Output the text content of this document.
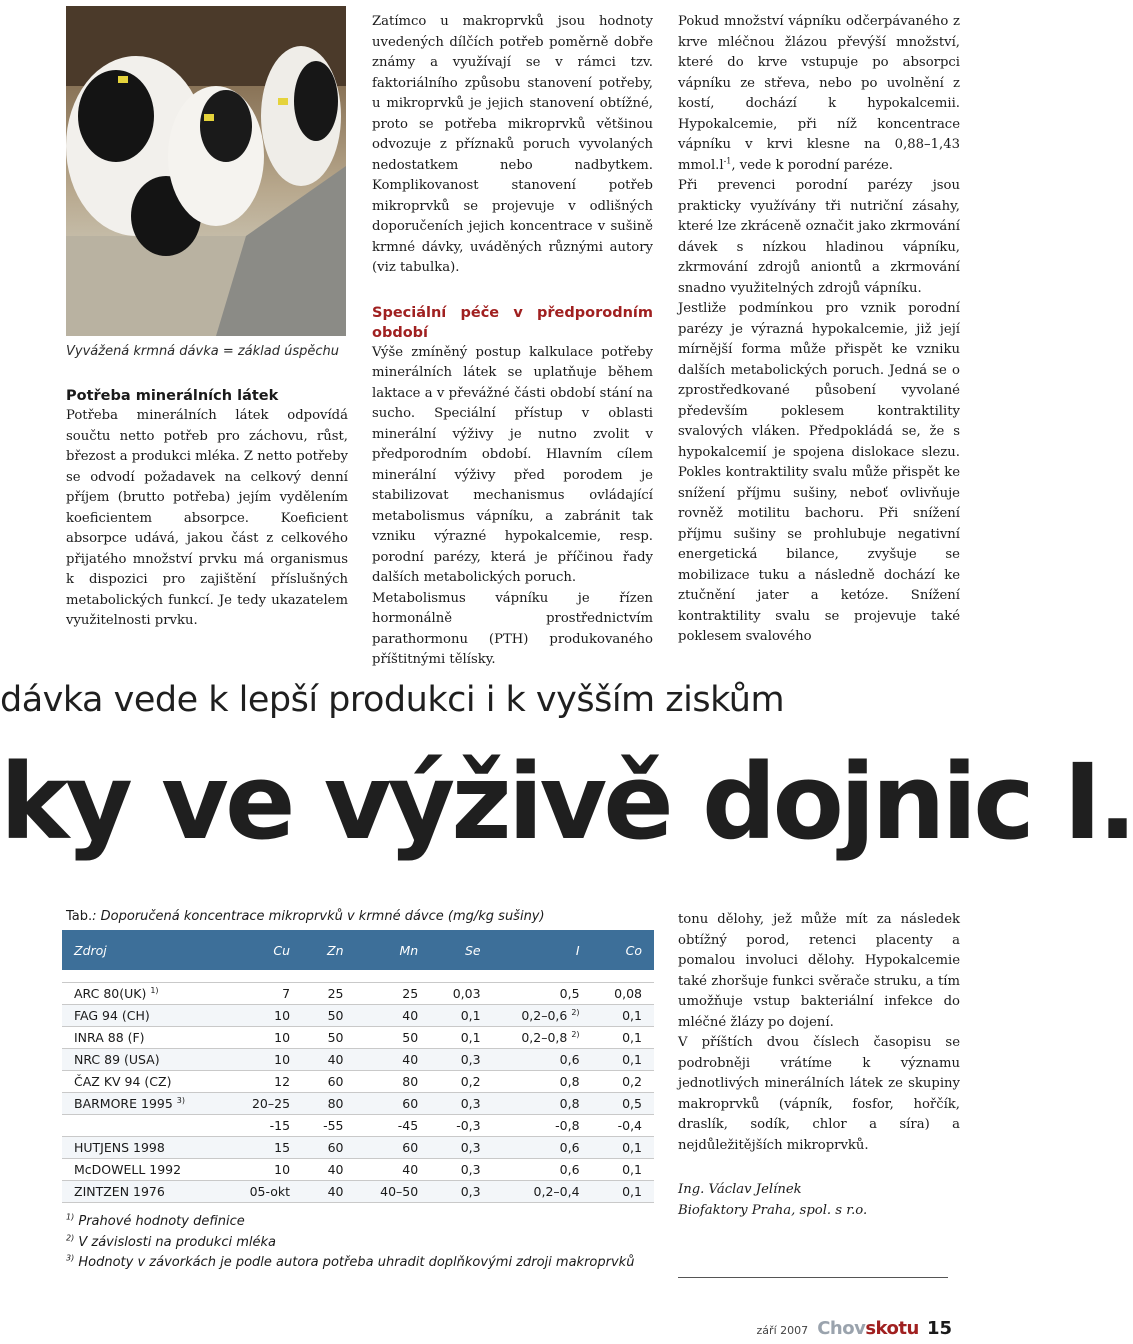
Vyvážená krmná dávka = základ úspěchu
Potřeba minerálních látek

Potřeba minerálních látek odpovídá součtu netto potřeb pro záchovu, růst, březost a produkci mléka. Z netto potřeby se odvodí požadavek na celkový denní příjem (brutto potřeba) jejím vydělením koeficientem absorpce. Koeficient absorpce udává, jakou část z celkového přijatého množství prvku má organismus k dispozici pro zajištění příslušných metabolických funkcí. Je tedy ukazatelem využitelnosti prvku.

Zatímco u makroprvků jsou hodnoty uvedených dílčích potřeb poměrně dobře známy a využívají se v rámci tzv. faktoriálního způsobu stanovení potřeby, u mikroprvků je jejich stanovení obtížné, proto se potřeba mikroprvků většinou odvozuje z příznaků poruch vyvolaných nedostatkem nebo nadbytkem. Komplikovanost stanovení potřeb mikroprvků se projevuje v odlišných doporučeních jejich koncentrace v sušině krmné dávky, uváděných různými autory (viz tabulka).

Speciální péče v předporodním období

Výše zmíněný postup kalkulace potřeby minerálních látek se uplatňuje během laktace a v převážné části období stání na sucho. Speciální přístup v oblasti minerální výživy je nutno zvolit v předporodním období. Hlavním cílem minerální výživy před porodem je stabilizovat mechanismus ovládající metabolismus vápníku, a zabránit tak vzniku výrazné hypokalcemie, resp. porodní parézy, která je příčinou řady dalších metabolických poruch.

Metabolismus vápníku je řízen hormonálně prostřednictvím parathormonu (PTH) produkovaného příštitnými tělísky.

Pokud množství vápníku odčerpávaného z krve mléčnou žlázou převýší množství, které do krve vstupuje po absorpci vápníku ze střeva, nebo po uvolnění z kostí, dochází k hypokalcemii. Hypokalcemie, při níž koncentrace vápníku v krvi klesne na 0,88–1,43 $mmol.l^{-1}$, vede k porodní paréze.

Při prevenci porodní parézy jsou prakticky využívány tři nutriční zásahy, které lze zkráceně označit jako zkrmování dávek s nízkou hladinou vápníku, zkrmování zdrojů aniontů a zkrmování snadno využitelných zdrojů vápníku.

Jestliže podmínkou pro vznik porodní parézy je výrazná hypokalcemie, již její mírnější forma může přispět ke vzniku dalších metabolických poruch. Jedná se o zprostředkované působení vyvolané především poklesem kontraktility svalových vláken. Předpokládá se, že s hypokalcemií je spojena dislokace slezu. Pokles kontraktility svalu může přispět ke snížení příjmu sušiny, neboť ovlivňuje rovněž motilitu bachoru. Při snížení příjmu sušiny se prohlubuje negativní energetická bilance, zvyšuje se mobilizace tuku a následně dochází ke ztučnění jater a ketóze. Snížení kontraktility svalu se projevuje také poklesem svalového

dávka vede k lepší produkci i k vyšším ziskům
ky ve výživě dojnic I.
Tab.: Doporučená koncentrace mikroprvků v krmné dávce (mg/kg sušiny)
Zdroj	Cu	Zn	Mn	Se	I	Co

ARC 80(UK) $^{1)}$	7	25	25	0,03	0,5	0,08
FAG 94 (CH)	10	50	40	0,1	0,2–0,6 $^{2)}$	0,1
INRA 88 (F)	10	50	50	0,1	0,2–0,8 $^{2)}$	0,1
NRC 89 (USA)	10	40	40	0,3	0,6	0,1
ČAZ KV 94 (CZ)	12	60	80	0,2	0,8	0,2
BARMORE 1995 $^{3)}$	20–25	80	60	0,3	0,8	0,5
	-15	-55	-45	-0,3	-0,8	-0,4
HUTJENS 1998	15	60	60	0,3	0,6	0,1
McDOWELL 1992	10	40	40	0,3	0,6	0,1
ZINTZEN 1976	05-okt	40	40–50	0,3	0,2–0,4	0,1
$^{1)}$ Prahové hodnoty definice
$^{2)}$ V závislosti na produkci mléka
$^{3)}$ Hodnoty v závorkách je podle autora potřeba uhradit doplňkovými zdroji makroprvků

tonu dělohy, jež může mít za následek obtížný porod, retenci placenty a pomalou involuci dělohy. Hypokalcemie také zhoršuje funkci svěrače struku, a tím umožňuje vstup bakteriální infekce do mléčné žlázy po dojení.

V příštích dvou číslech časopisu se podrobněji vrátíme k významu jednotlivých minerálních látek ze skupiny makroprvků (vápník, fosfor, hořčík, draslík, sodík, chlor a síra) a nejdůležitějších mikroprvků.

Ing. Václav Jelínek

Biofaktory Praha, spol. s r.o.

září 2007 Chovskotu 15
